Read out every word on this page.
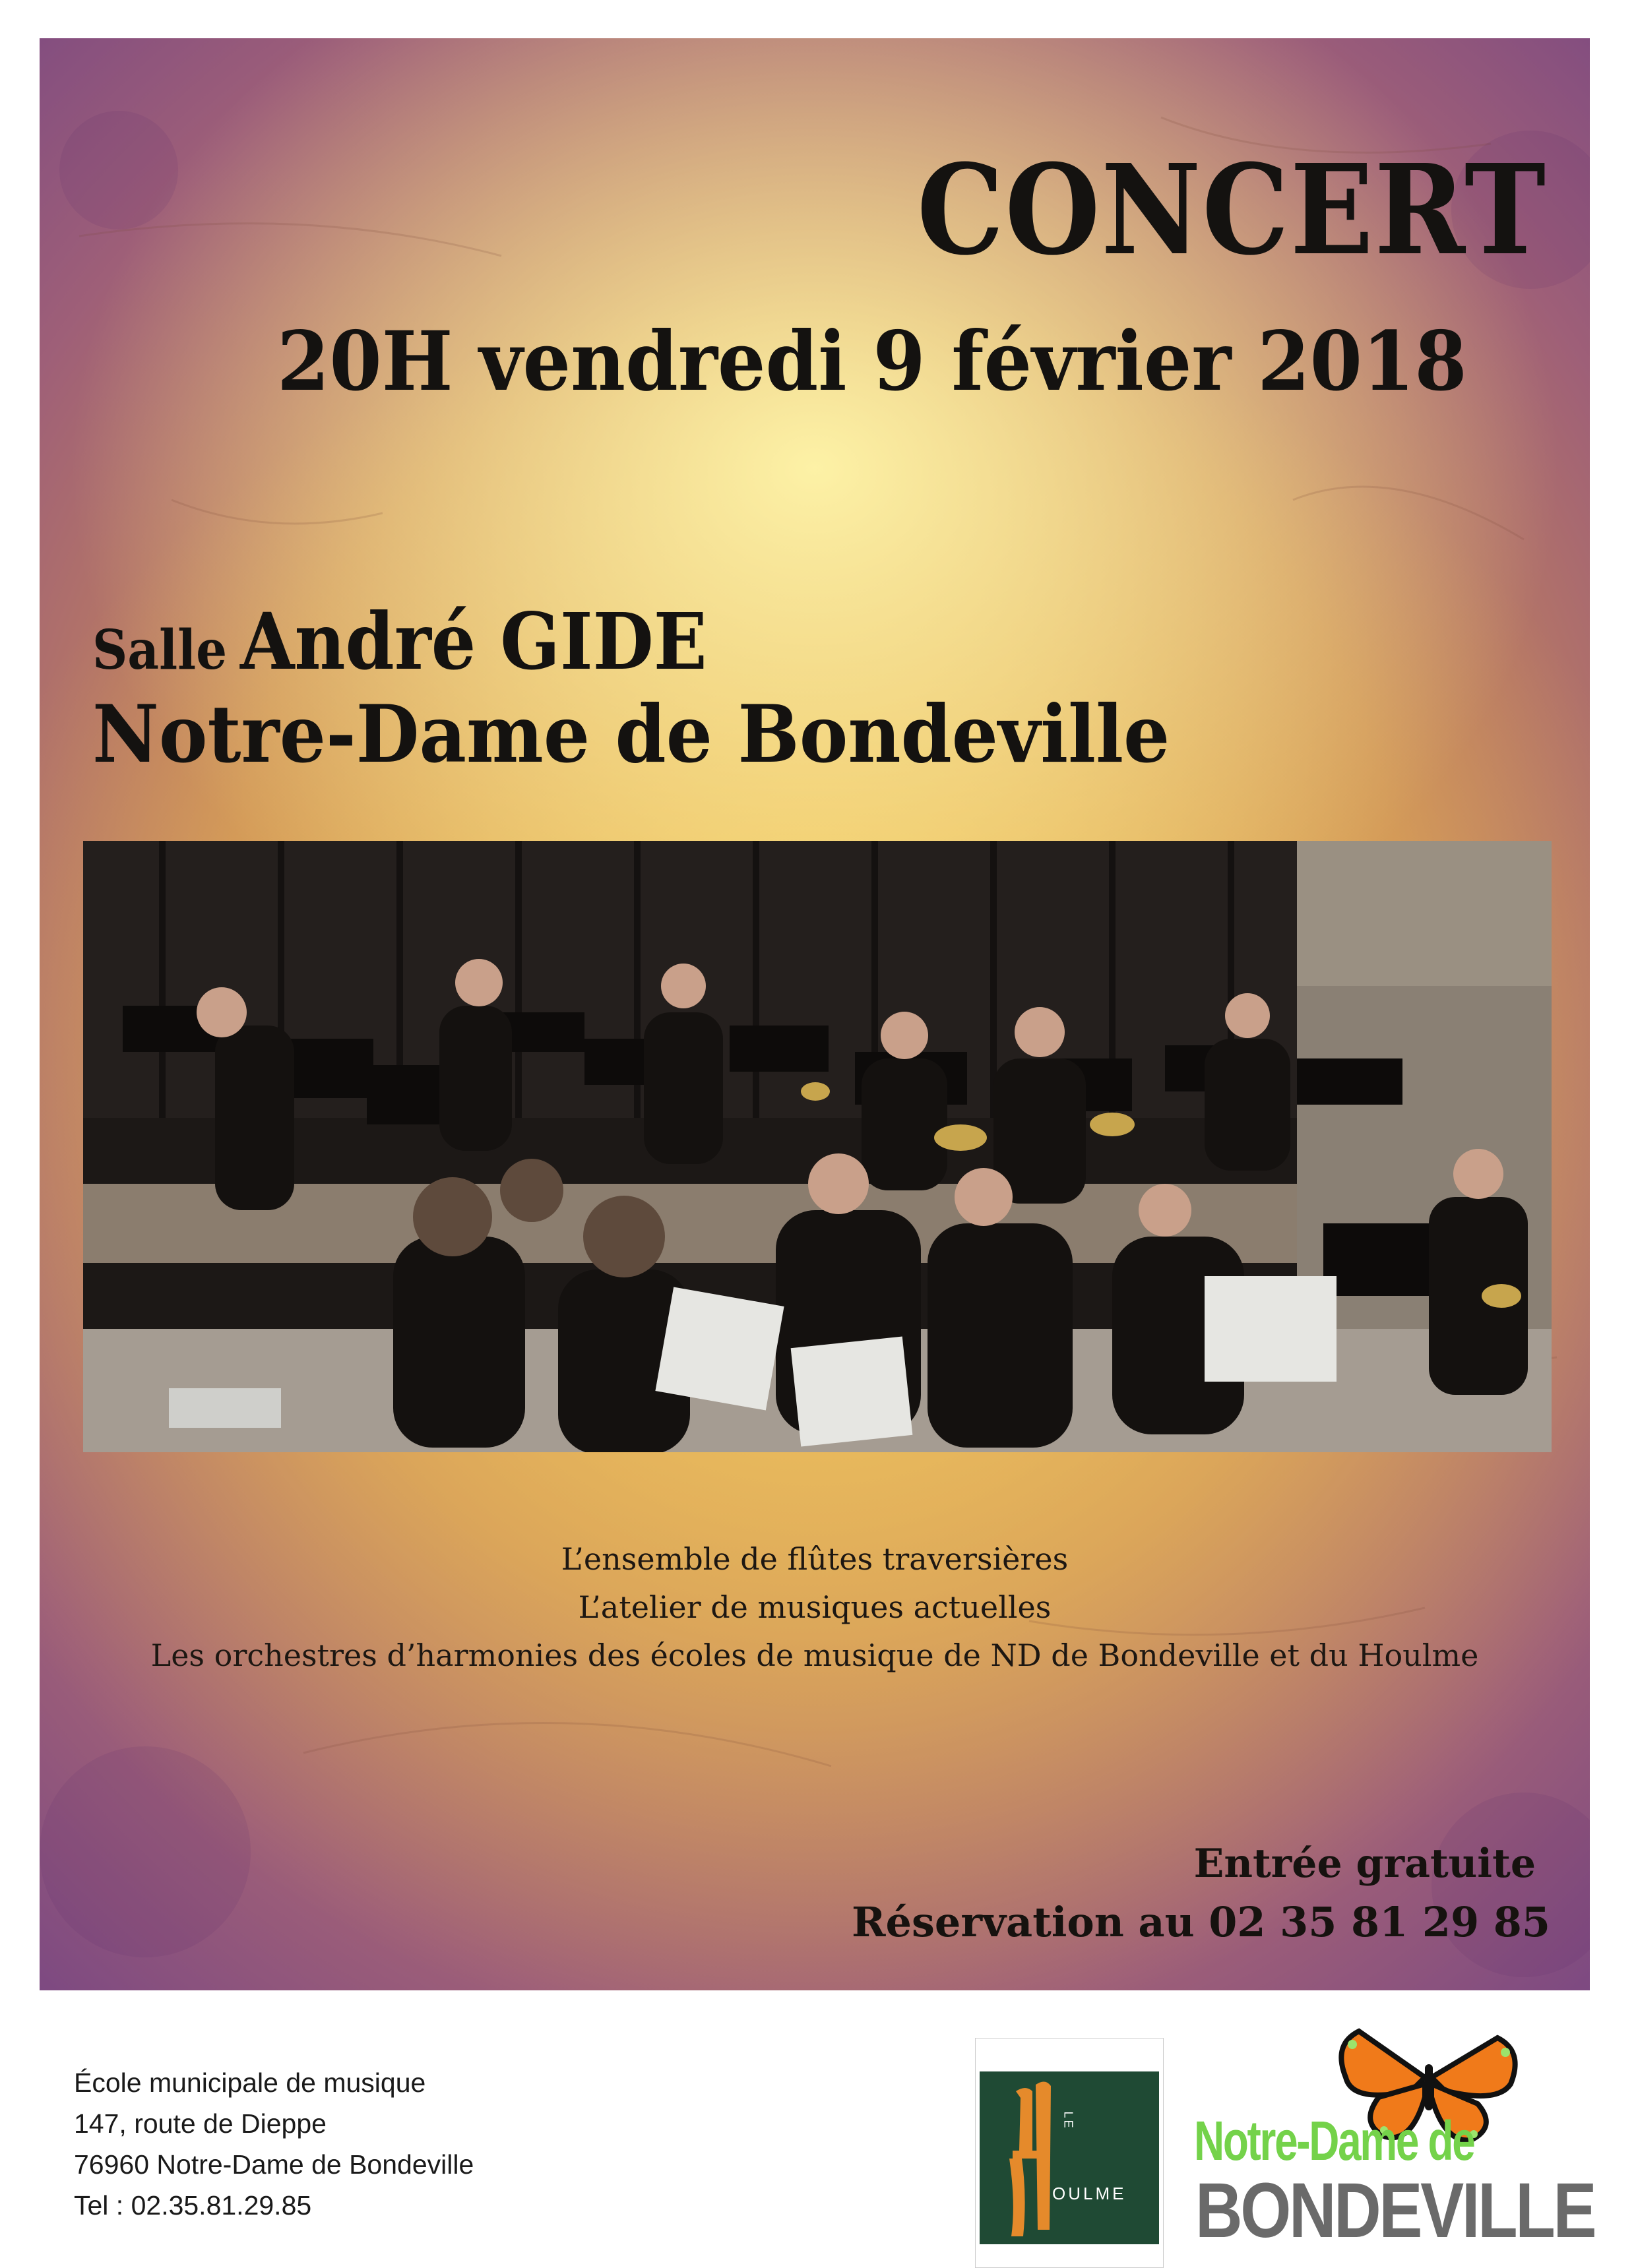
CONCERT
20H vendredi 9 février 2018
Salle André GIDE
Notre-Dame de Bondeville
L’ensemble de flûtes traversières
L’atelier de musiques actuelles
Les orchestres d’harmonies des écoles de musique de ND de Bondeville et du Houlme
Entrée gratuite
Réservation au 02 35 81 29 85
École municipale de musique
147, route de Dieppe
76960 Notre-Dame de Bondeville
Tel : 02.35.81.29.85
LE
OULME
Notre-Dame de
BONDEVILLE
